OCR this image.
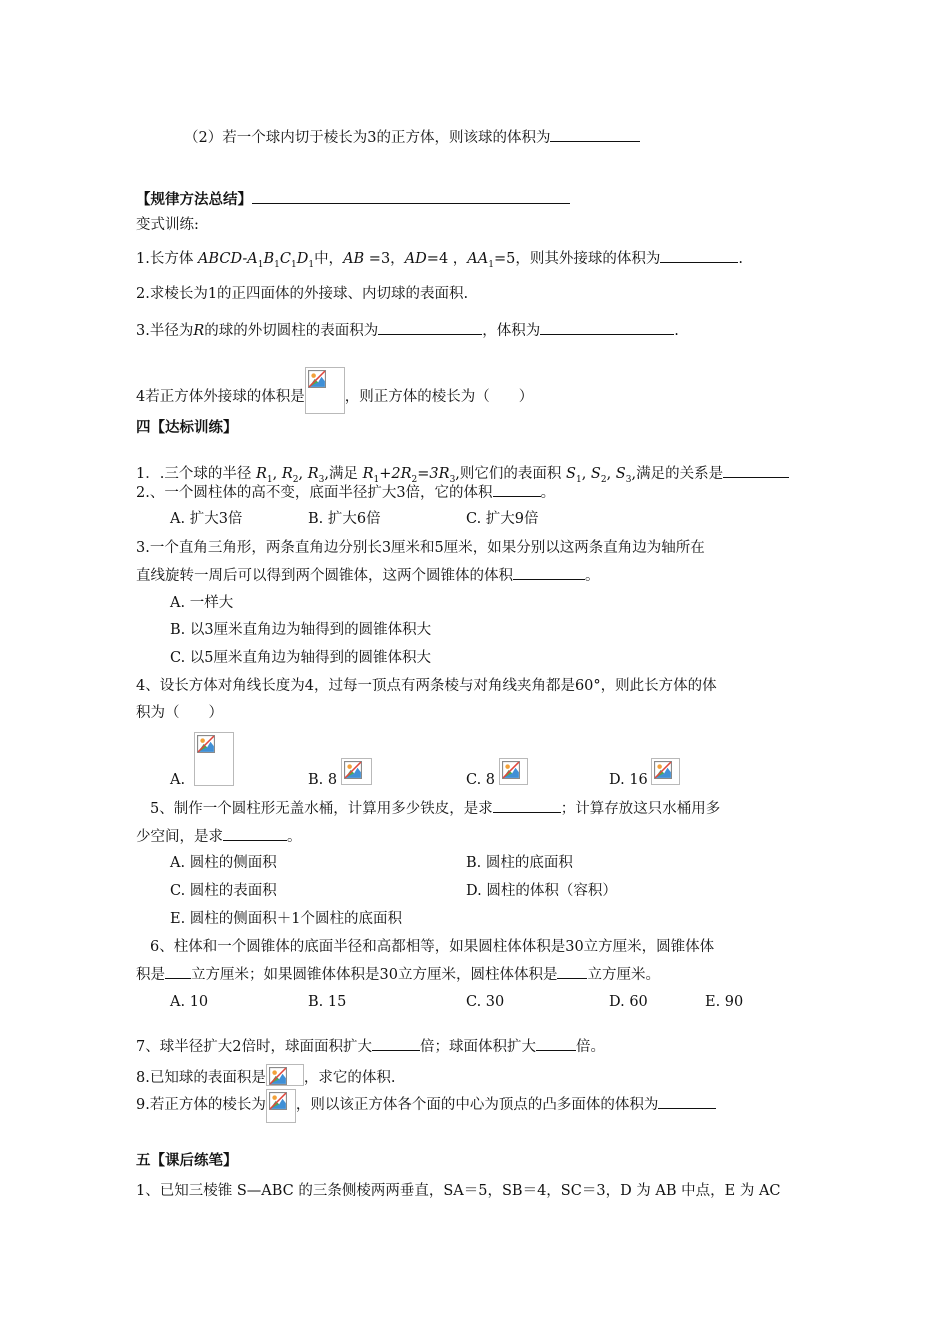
（2）若一个球内切于棱长为3的正方体，则该球的体积为
【规律方法总结】
变式训练:
1.长方体 ABCD-$A_1B_1C_1D_1$中，AB =3，AD=4 ，$AA_1=5$，则其外接球的体积为	.
2.求棱长为1的正四面体的外接球、内切球的表面积.
3.半径为R的球的外切圆柱的表面积为	，体积为	.
4若正方体外接球的体积是	，则正方体的棱长为（　　）
四【达标训练】
1．.三个球的半径 $R_1$, $R_2$, $R_3$,满足 $R_1+2R_2=3R_3$,则它们的表面积 $S_1$, $S_2$, $S_3$,满足的关系是
2.、一个圆柱体的高不变，底面半径扩大3倍，它的体积	。
A. 扩大3倍	B. 扩大6倍	C. 扩大9倍
3.一个直角三角形，两条直角边分别长3厘米和5厘米，如果分别以这两条直角边为轴所在
直线旋转一周后可以得到两个圆锥体，这两个圆锥体的体积	。
A. 一样大
B. 以3厘米直角边为轴得到的圆锥体积大
C. 以5厘米直角边为轴得到的圆锥体积大
4、设长方体对角线长度为4，过每一顶点有两条棱与对角线夹角都是60°，则此长方体的体
积为（　　）
A.	B. 8	C. 8	D. 16
5、制作一个圆柱形无盖水桶，计算用多少铁皮，是求	；计算存放这只水桶用多
少空间，是求	。
A. 圆柱的侧面积	B. 圆柱的底面积
C. 圆柱的表面积	D. 圆柱的体积（容积）
E. 圆柱的侧面积＋1个圆柱的底面积
6、柱体和一个圆锥体的底面半径和高都相等，如果圆柱体体积是30立方厘米，圆锥体体
积是 立方厘米；如果圆锥体体积是30立方厘米，圆柱体体积是 立方厘米。
A. 10	B. 15	C. 30	D. 60	E. 90
7、球半径扩大2倍时，球面面积扩大	倍；球面体积扩大	倍。
8.已知球的表面积是	，求它的体积.
9.若正方体的棱长为 ，则以该正方体各个面的中心为顶点的凸多面体的体积为
五【课后练笔】
1、已知三棱锥 S—ABC 的三条侧棱两两垂直，SA＝5，SB＝4，SC＝3，D 为 AB 中点，E 为 AC
